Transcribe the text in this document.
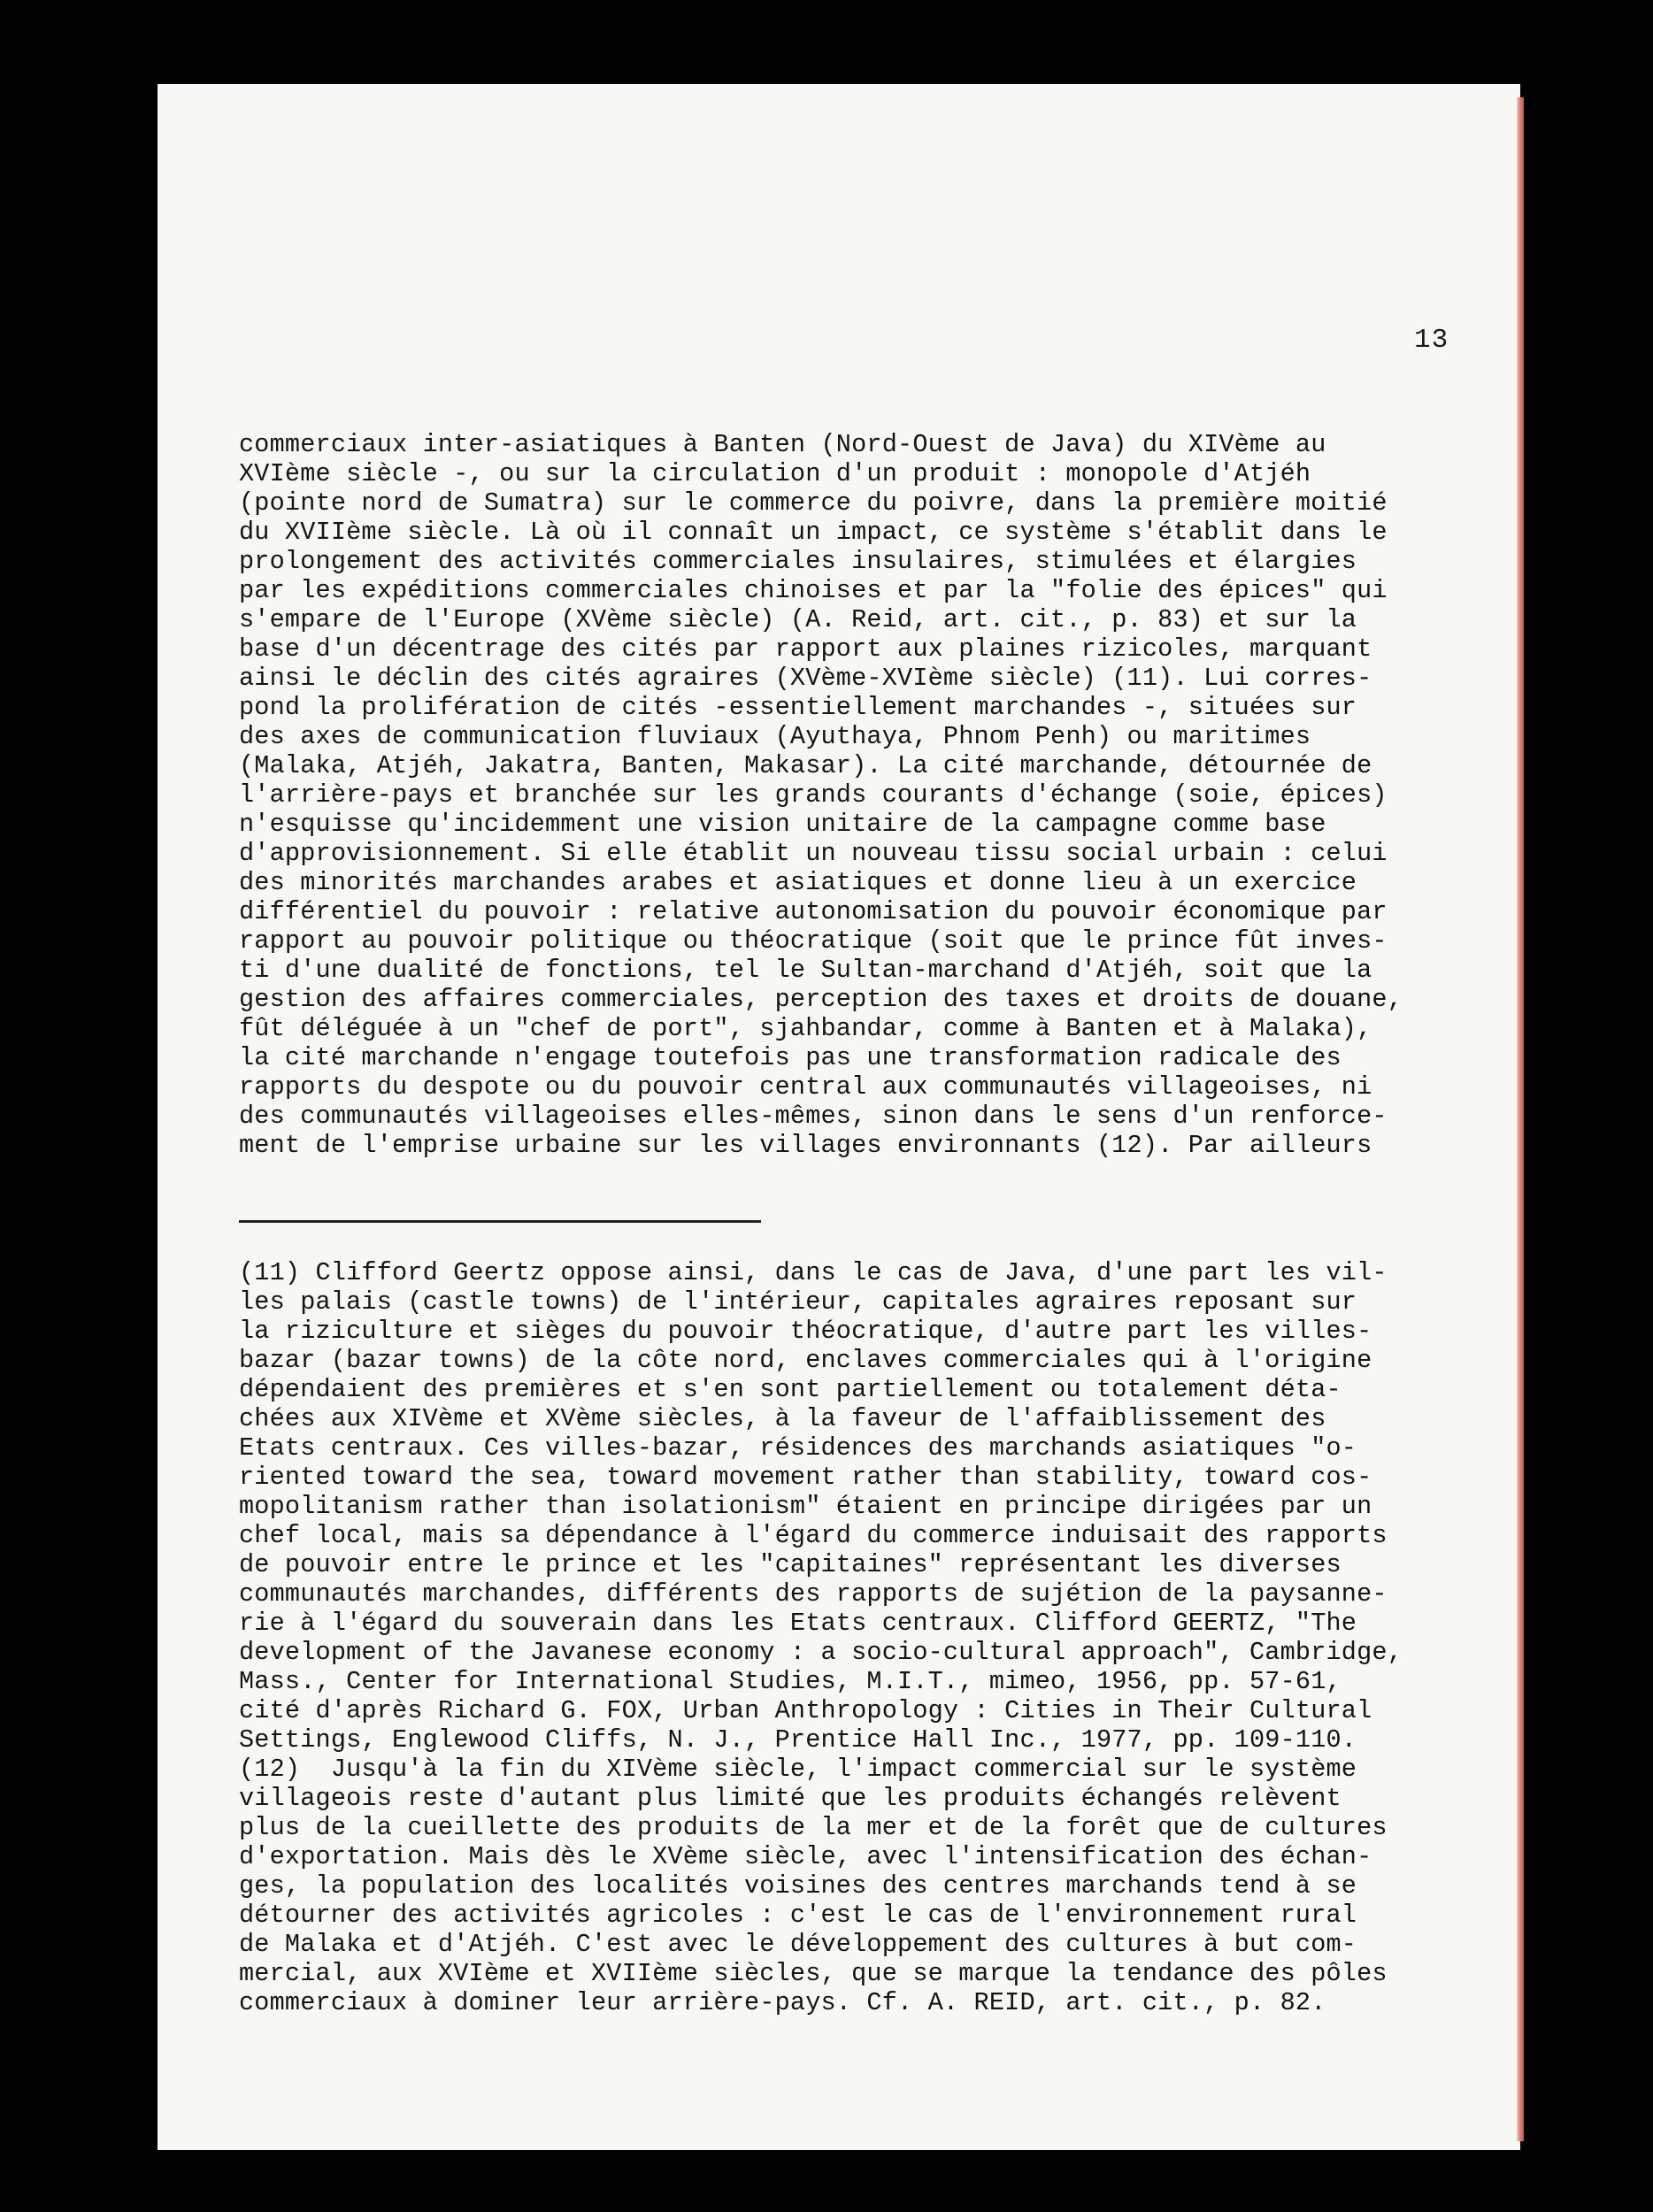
13
commerciaux inter-asiatiques à Banten (Nord-Ouest de Java) du XIVème au
XVIème siècle -, ou sur la circulation d'un produit : monopole d'Atjéh
(pointe nord de Sumatra) sur le commerce du poivre, dans la première moitié
du XVIIème siècle. Là où il connaît un impact, ce système s'établit dans le
prolongement des activités commerciales insulaires, stimulées et élargies
par les expéditions commerciales chinoises et par la "folie des épices" qui
s'empare de l'Europe (XVème siècle) (A. Reid, art. cit., p. 83) et sur la
base d'un décentrage des cités par rapport aux plaines rizicoles, marquant
ainsi le déclin des cités agraires (XVème-XVIème siècle) (11). Lui corres-
pond la prolifération de cités -essentiellement marchandes -, situées sur
des axes de communication fluviaux (Ayuthaya, Phnom Penh) ou maritimes
(Malaka, Atjéh, Jakatra, Banten, Makasar). La cité marchande, détournée de
l'arrière-pays et branchée sur les grands courants d'échange (soie, épices)
n'esquisse qu'incidemment une vision unitaire de la campagne comme base
d'approvisionnement. Si elle établit un nouveau tissu social urbain : celui
des minorités marchandes arabes et asiatiques et donne lieu à un exercice
différentiel du pouvoir : relative autonomisation du pouvoir économique par
rapport au pouvoir politique ou théocratique (soit que le prince fût inves-
ti d'une dualité de fonctions, tel le Sultan-marchand d'Atjéh, soit que la
gestion des affaires commerciales, perception des taxes et droits de douane,
fût déléguée à un "chef de port", sjahbandar, comme à Banten et à Malaka),
la cité marchande n'engage toutefois pas une transformation radicale des
rapports du despote ou du pouvoir central aux communautés villageoises, ni
des communautés villageoises elles-mêmes, sinon dans le sens d'un renforce-
ment de l'emprise urbaine sur les villages environnants (12). Par ailleurs
(11) Clifford Geertz oppose ainsi, dans le cas de Java, d'une part les vil-
les palais (castle towns) de l'intérieur, capitales agraires reposant sur
la riziculture et sièges du pouvoir théocratique, d'autre part les villes-
bazar (bazar towns) de la côte nord, enclaves commerciales qui à l'origine
dépendaient des premières et s'en sont partiellement ou totalement déta-
chées aux XIVème et XVème siècles, à la faveur de l'affaiblissement des
Etats centraux. Ces villes-bazar, résidences des marchands asiatiques "o-
riented toward the sea, toward movement rather than stability, toward cos-
mopolitanism rather than isolationism" étaient en principe dirigées par un
chef local, mais sa dépendance à l'égard du commerce induisait des rapports
de pouvoir entre le prince et les "capitaines" représentant les diverses
communautés marchandes, différents des rapports de sujétion de la paysanne-
rie à l'égard du souverain dans les Etats centraux. Clifford GEERTZ, "The
development of the Javanese economy : a socio-cultural approach", Cambridge,
Mass., Center for International Studies, M.I.T., mimeo, 1956, pp. 57-61,
cité d'après Richard G. FOX, Urban Anthropology : Cities in Their Cultural
Settings, Englewood Cliffs, N. J., Prentice Hall Inc., 1977, pp. 109-110.
(12)  Jusqu'à la fin du XIVème siècle, l'impact commercial sur le système
villageois reste d'autant plus limité que les produits échangés relèvent
plus de la cueillette des produits de la mer et de la forêt que de cultures
d'exportation. Mais dès le XVème siècle, avec l'intensification des échan-
ges, la population des localités voisines des centres marchands tend à se
détourner des activités agricoles : c'est le cas de l'environnement rural
de Malaka et d'Atjéh. C'est avec le développement des cultures à but com-
mercial, aux XVIème et XVIIème siècles, que se marque la tendance des pôles
commerciaux à dominer leur arrière-pays. Cf. A. REID, art. cit., p. 82.
